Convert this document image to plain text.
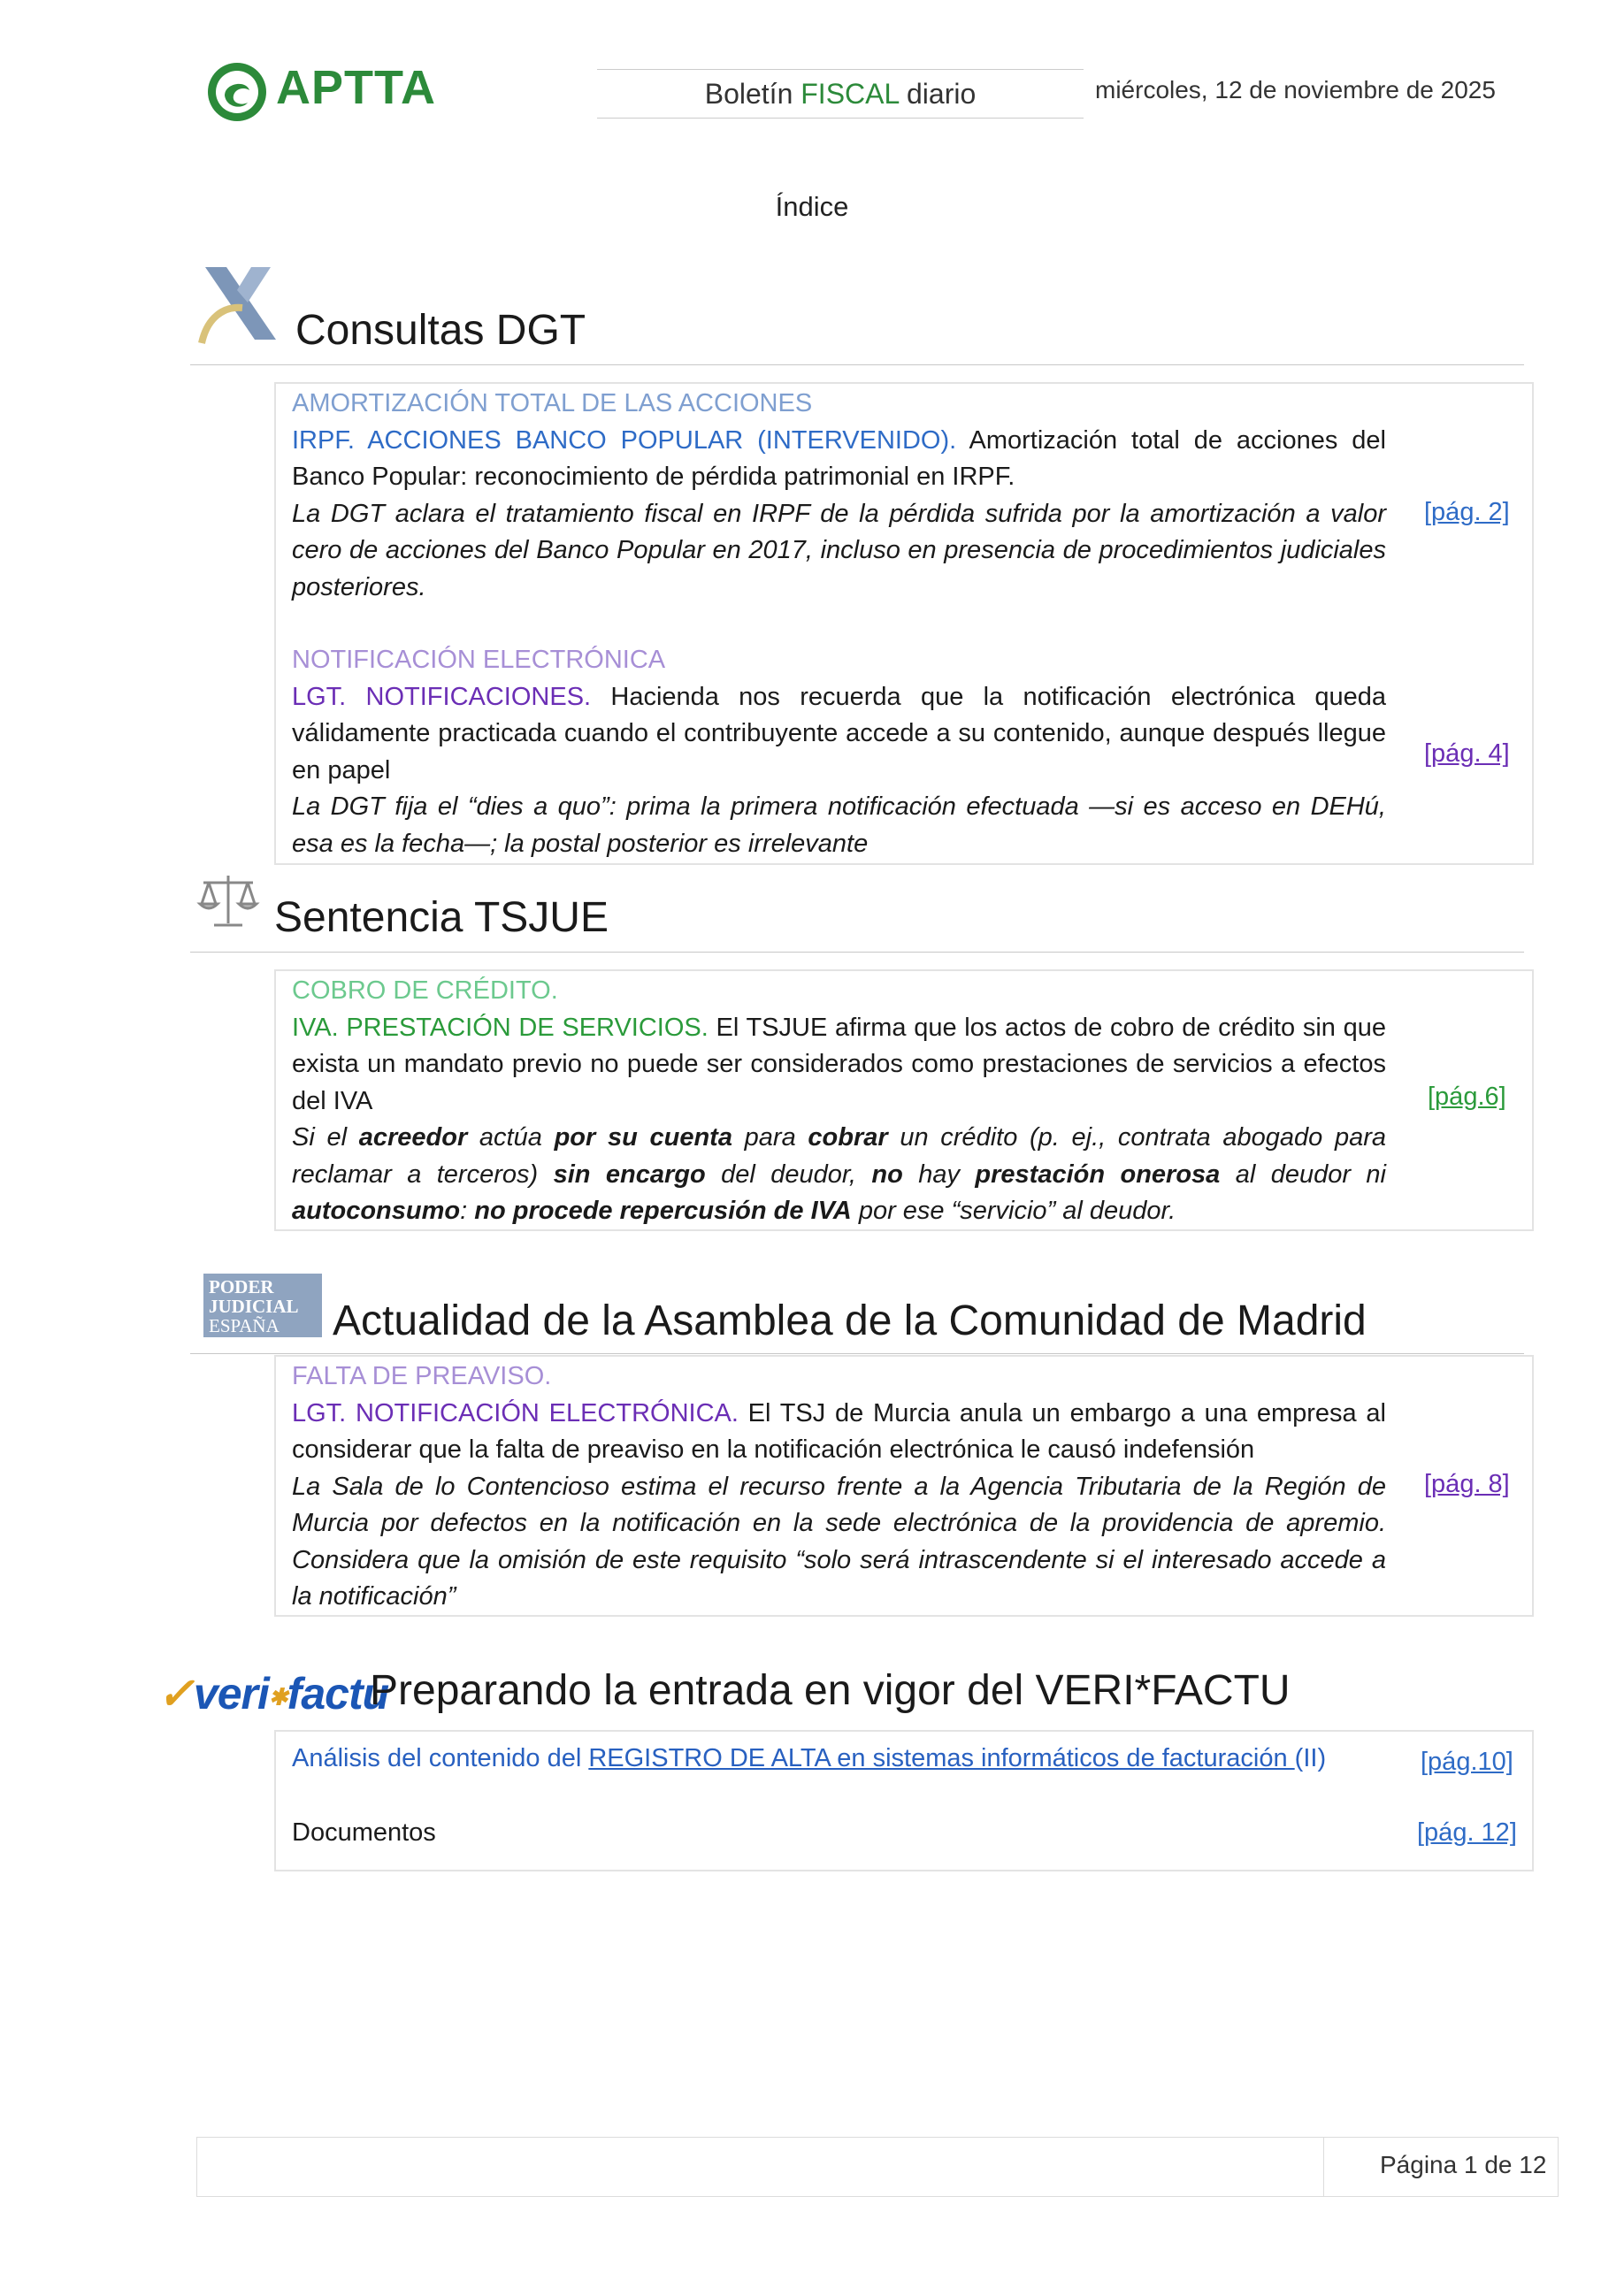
APTTA	Boletín FISCAL diario	miércoles, 12 de noviembre de 2025
Índice
Consultas DGT
AMORTIZACIÓN TOTAL DE LAS ACCIONES
IRPF. ACCIONES BANCO POPULAR (INTERVENIDO). Amortización total de acciones del Banco Popular: reconocimiento de pérdida patrimonial en IRPF.
La DGT aclara el tratamiento fiscal en IRPF de la pérdida sufrida por la amortización a valor cero de acciones del Banco Popular en 2017, incluso en presencia de procedimientos judiciales posteriores.
[pág. 2]
NOTIFICACIÓN ELECTRÓNICA
LGT. NOTIFICACIONES. Hacienda nos recuerda que la notificación electrónica queda válidamente practicada cuando el contribuyente accede a su contenido, aunque después llegue en papel
La DGT fija el “dies a quo”: prima la primera notificación efectuada —si es acceso en DEHú, esa es la fecha—; la postal posterior es irrelevante
[pág. 4]
Sentencia TSJUE
COBRO DE CRÉDITO.
IVA. PRESTACIÓN DE SERVICIOS. El TSJUE afirma que los actos de cobro de crédito sin que exista un mandato previo no puede ser considerados como prestaciones de servicios a efectos del IVA
Si el acreedor actúa por su cuenta para cobrar un crédito (p. ej., contrata abogado para reclamar a terceros) sin encargo del deudor, no hay prestación onerosa al deudor ni autoconsumo: no procede repercusión de IVA por ese “servicio” al deudor.
[pág.6]
PODER
JUDICIAL
ESPAÑA	Actualidad de la Asamblea de la Comunidad de Madrid
FALTA DE PREAVISO.
LGT. NOTIFICACIÓN ELECTRÓNICA. El TSJ de Murcia anula un embargo a una empresa al considerar que la falta de preaviso en la notificación electrónica le causó indefensión
La Sala de lo Contencioso estima el recurso frente a la Agencia Tributaria de la Región de Murcia por defectos en la notificación en la sede electrónica de la providencia de apremio. Considera que la omisión de este requisito “solo será intrascendente si el interesado accede a la notificación”
[pág. 8]
✓veri✱factu
Preparando la entrada en vigor del VERI*FACTU
Análisis del contenido del REGISTRO DE ALTA en sistemas informáticos de facturación (II)	[pág.10]
Documentos	[pág. 12]
Página 1 de 12
